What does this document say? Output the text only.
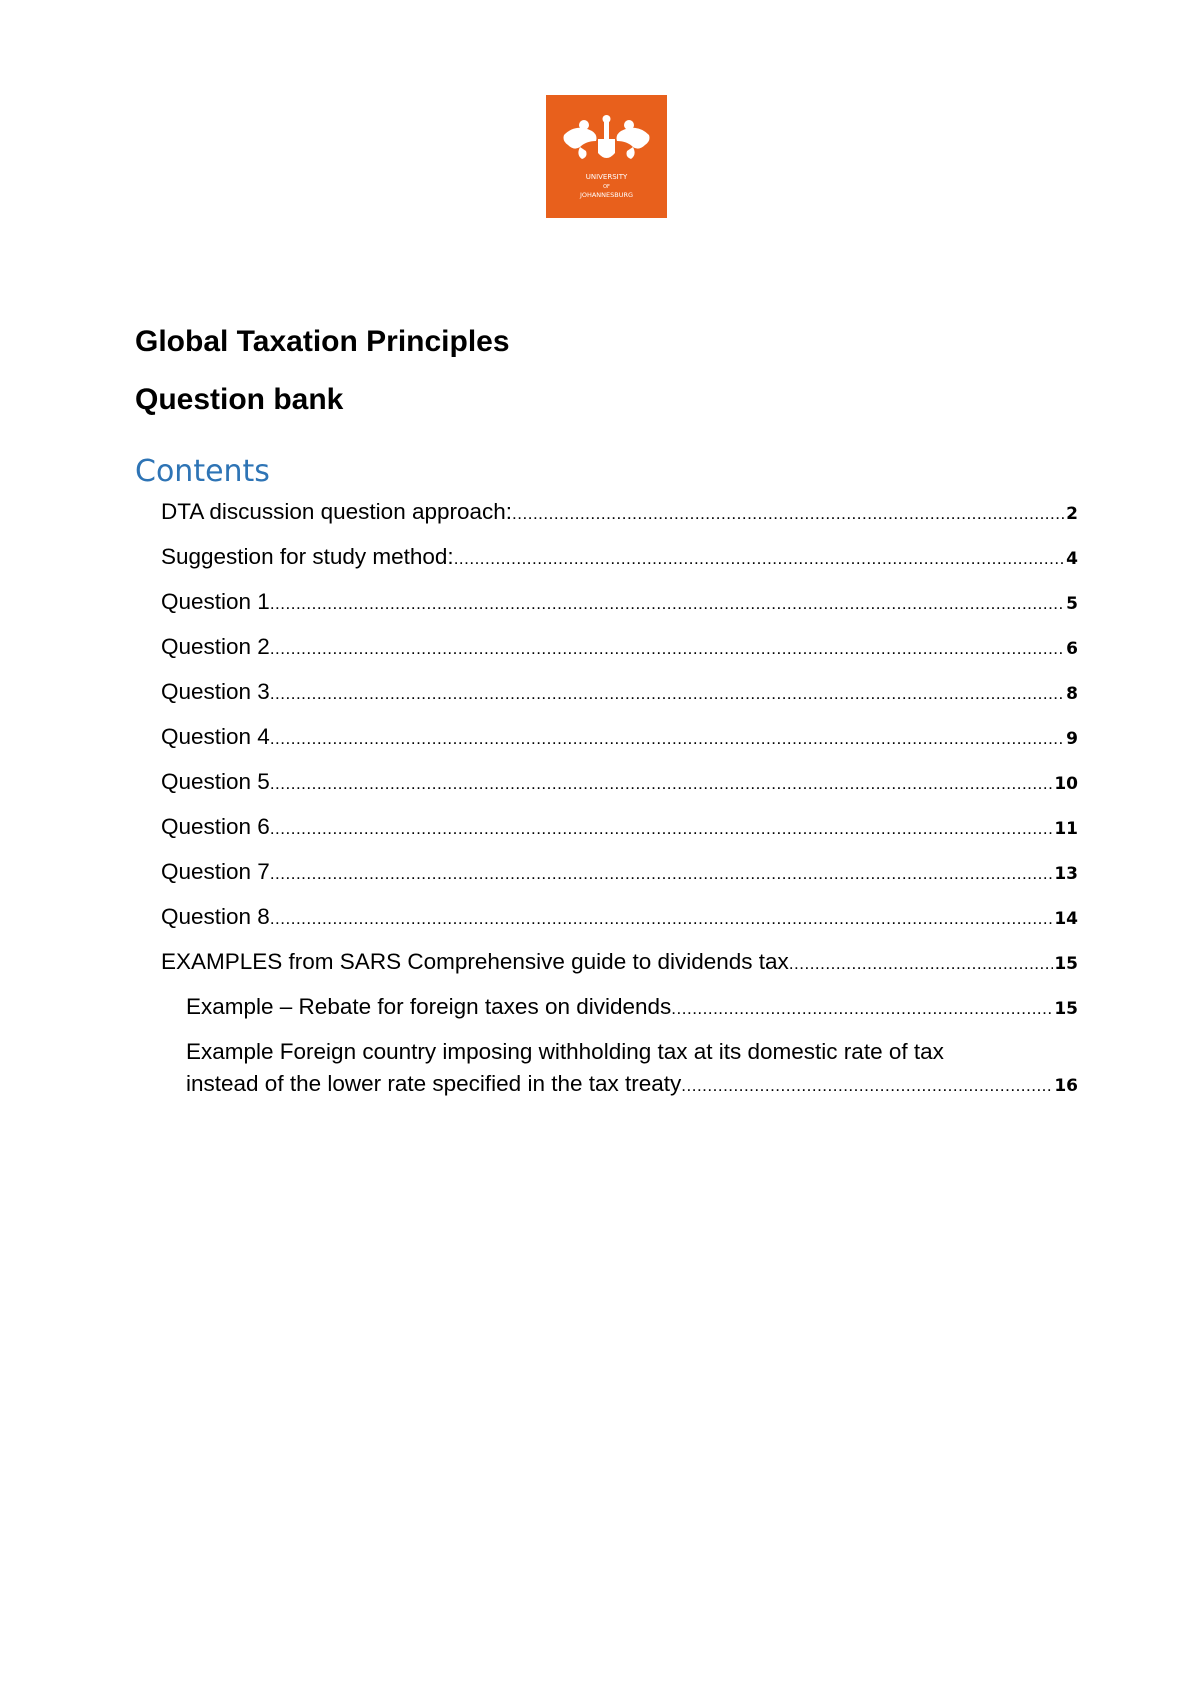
UNIVERSITY
OF
JOHANNESBURG
Global Taxation Principles
Question bank
Contents
DTA discussion question approach: .....	2
Suggestion for study method: .....	4
Question 1 .....	5
Question 2 .....	6
Question 3 .....	8
Question 4 .....	9
Question 5 .....	10
Question 6 .....	11
Question 7 .....	13
Question 8 .....	14
EXAMPLES from SARS Comprehensive guide to dividends tax .....	15
Example – Rebate for foreign taxes on dividends .....	15
Example Foreign country imposing withholding tax at its domestic rate of tax
instead of the lower rate specified in the tax treaty .....	16
